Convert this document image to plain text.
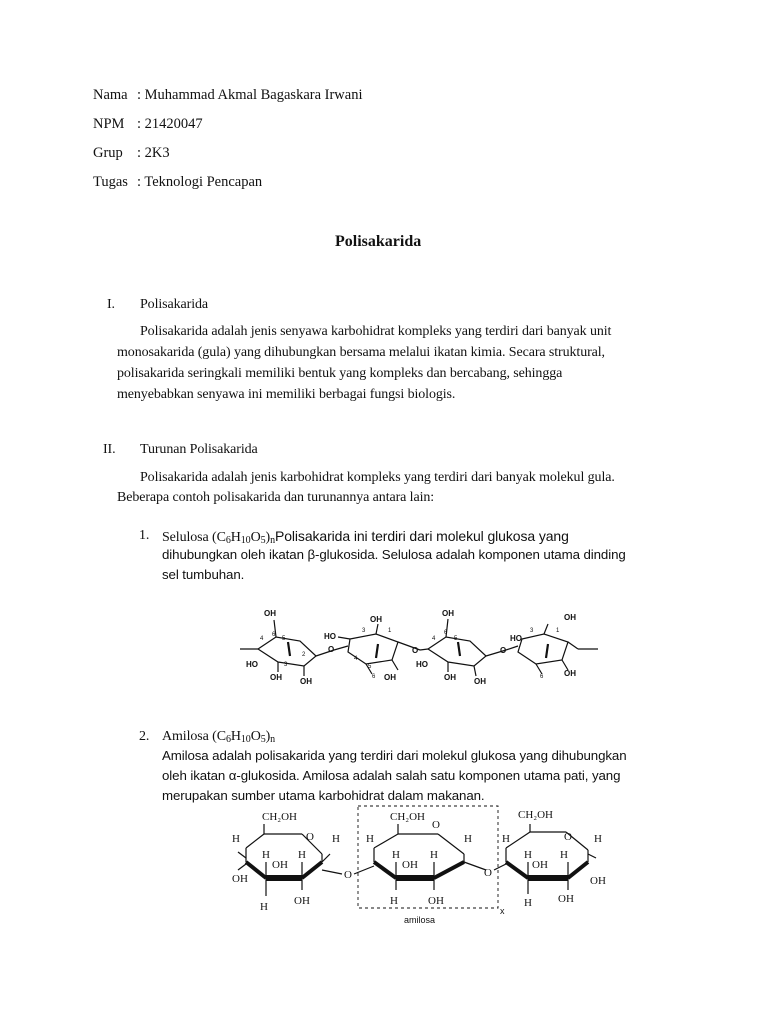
Nama : Muhammad Akmal Bagaskara Irwani
NPM : 21420047
Grup : 2K3
Tugas : Teknologi Pencapan
Polisakarida
I. Polisakarida
Polisakarida adalah jenis senyawa karbohidrat kompleks yang terdiri dari banyak unit
monosakarida (gula) yang dihubungkan bersama melalui ikatan kimia. Secara struktural,
polisakarida seringkali memiliki bentuk yang kompleks dan bercabang, sehingga
menyebabkan senyawa ini memiliki berbagai fungsi biologis.
II. Turunan Polisakarida
Polisakarida adalah jenis karbohidrat kompleks yang terdiri dari banyak molekul gula.
Beberapa contoh polisakarida dan turunannya antara lain:
1. Selulosa $(C_6H_{10}O_5)_nPolisakarida$ ini terdiri dari molekul glukosa yang
dihubungkan oleh ikatan β-glukosida. Selulosa adalah komponen utama dinding
sel tumbuhan.
OH
HO
OH OH
O
HO
OH
OH
O
OH
HO
OH OH
O
HO
OH
OH
4
6
5
3
2
3	1
4
5
6
4
6
5
3	1
6
2. Amilosa $(C_6H_{10}O_5)_n$
Amilosa adalah polisakarida yang terdiri dari molekul glukosa yang dihubungkan
oleh ikatan α-glukosida. Amilosa adalah salah satu komponen utama pati, yang
merupakan sumber utama karbohidrat dalam makanan.
CH₂OH
H	O H
H
OH
H
OH
H OH
O
CH₂OH
H
O
H
H
OH
H
H	OH
O
CH₂OH
H	O H
H
OH
H
OH
H OH
x
amilosa
